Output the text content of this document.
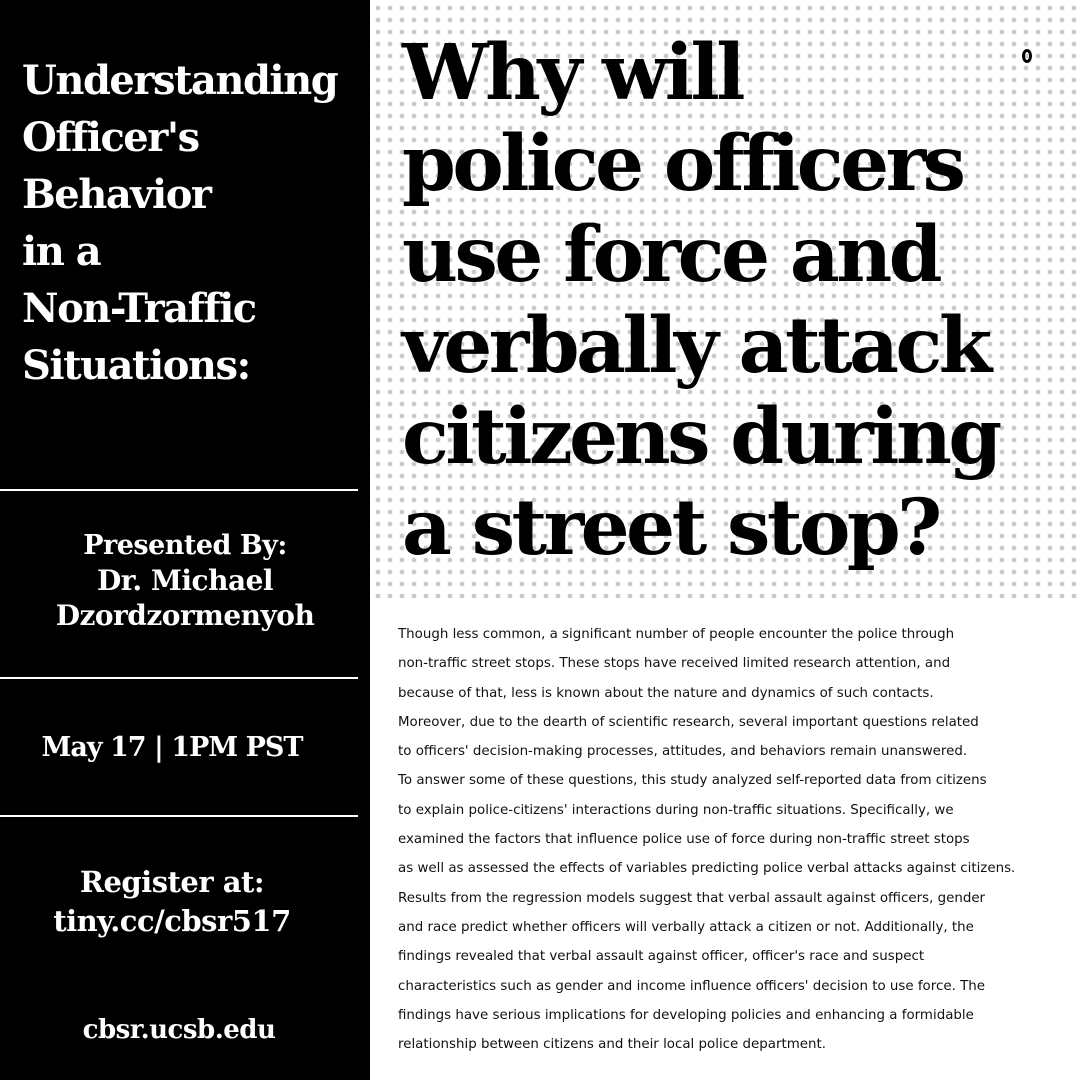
Understanding
Officer's
Behavior
in a
Non-Traffic
Situations:
Presented By:
Dr. Michael
Dzordzormenyoh
May 17 | 1PM PST
Register at:
tiny.cc/cbsr517
cbsr.ucsb.edu
Why will
police officers
use force and
verbally attack
citizens during
a street stop?
Though less common, a significant number of people encounter the police through
non-traffic street stops. These stops have received limited research attention, and
because of that, less is known about the nature and dynamics of such contacts.
Moreover, due to the dearth of scientific research, several important questions related
to officers' decision-making processes, attitudes, and behaviors remain unanswered.
To answer some of these questions, this study analyzed self-reported data from citizens
to explain police-citizens' interactions during non-traffic situations. Specifically, we
examined the factors that influence police use of force during non-traffic street stops
as well as assessed the effects of variables predicting police verbal attacks against citizens.
Results from the regression models suggest that verbal assault against officers, gender
and race predict whether officers will verbally attack a citizen or not. Additionally, the
findings revealed that verbal assault against officer, officer's race and suspect
characteristics such as gender and income influence officers' decision to use force. The
findings have serious implications for developing policies and enhancing a formidable
relationship between citizens and their local police department.
